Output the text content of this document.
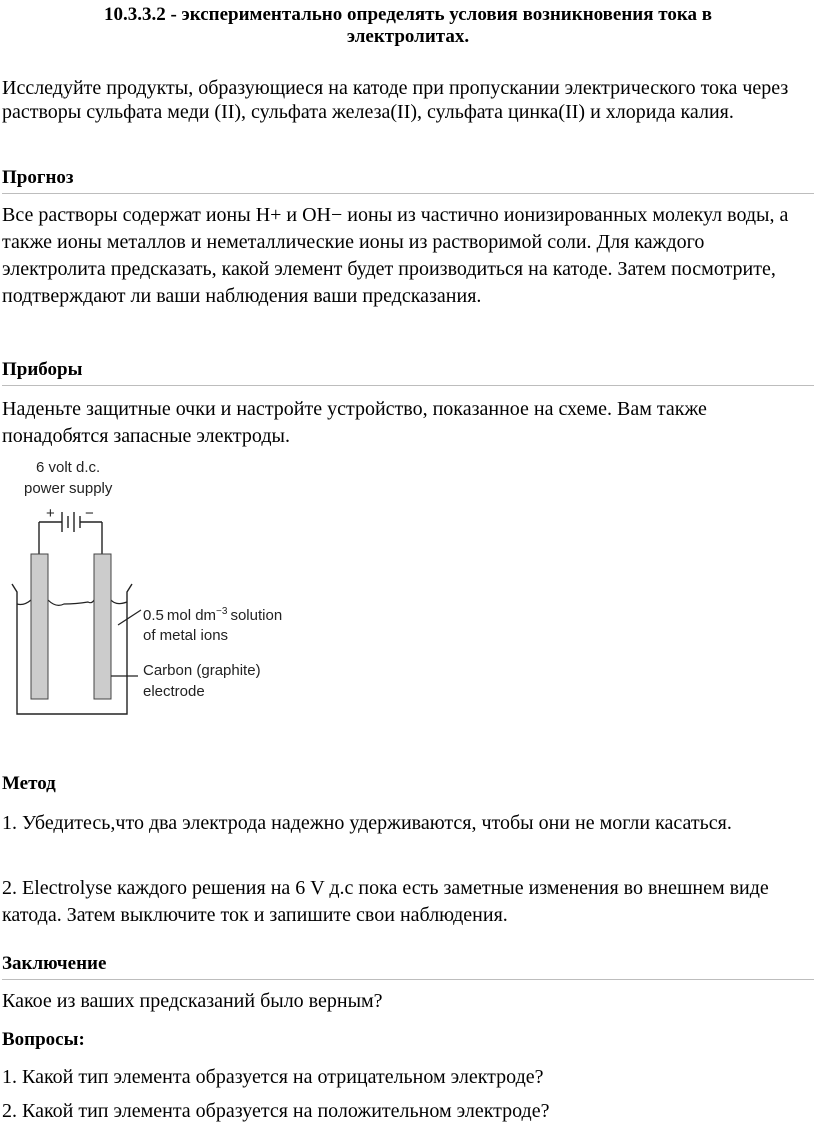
10.3.3.2 - экспериментально определять условия возникновения тока в
электролитах.
Исследуйте продукты, образующиеся на катоде при пропускании электрического тока через растворы сульфата меди (II), сульфата железа(II), сульфата цинка(II) и хлорида калия.
Прогноз
Все растворы содержат ионы H+ и OH− ионы из частично ионизированных молекул воды, а также ионы металлов и неметаллические ионы из растворимой соли. Для каждого электролита предсказать, какой элемент будет производиться на катоде. Затем посмотрите, подтверждают ли ваши наблюдения ваши предсказания.
Приборы
Наденьте защитные очки и настройте устройство, показанное на схеме. Вам также понадобятся запасные электроды.
6 volt d.c.
power supply
+ −
0.5 mol $dm^{-3}$ solution
of metal ions
Carbon (graphite)
electrode
Метод
1. Убедитесь,что два электрода надежно удерживаются, чтобы они не могли касаться.
2. Electrolyse каждого решения на 6 V д.с пока есть заметные изменения во внешнем виде катода. Затем выключите ток и запишите свои наблюдения.
Заключение
Какое из ваших предсказаний было верным?
Вопросы:
1. Какой тип элемента образуется на отрицательном электроде?
2. Какой тип элемента образуется на положительном электроде?
